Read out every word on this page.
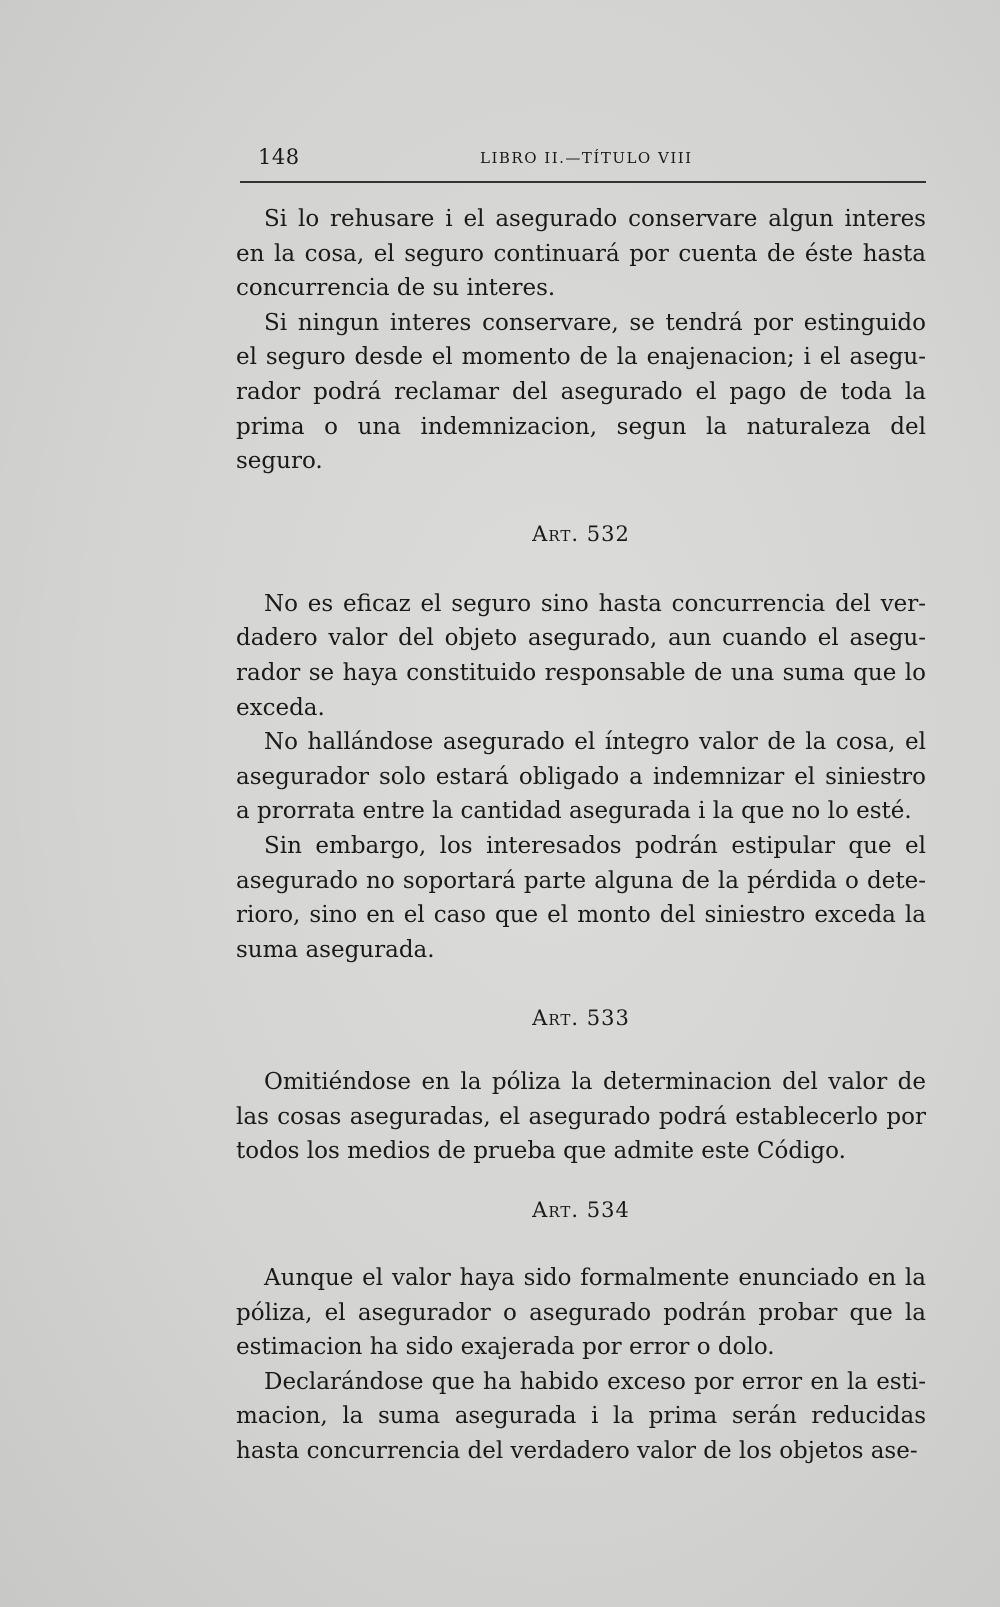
148	LIBRO II.—TÍTULO VIII

Si lo rehusare i el asegurado conservare algun interes en la cosa, el seguro continuará por cuenta de éste hasta concurrencia de su interes.

Si ningun interes conservare, se tendrá por estinguido el seguro desde el momento de la enajenacion; i el asegurador podrá reclamar del asegurado el pago de toda la prima o una indemnizacion, segun la naturaleza del seguro.

Art. 532

No es eficaz el seguro sino hasta concurrencia del verdadero valor del objeto asegurado, aun cuando el asegurador se haya constituido responsable de una suma que lo exceda.

No hallándose asegurado el íntegro valor de la cosa, el asegurador solo estará obligado a indemnizar el siniestro a prorrata entre la cantidad asegurada i la que no lo esté.

Sin embargo, los interesados podrán estipular que el asegurado no soportará parte alguna de la pérdida o deterioro, sino en el caso que el monto del siniestro exceda la suma asegurada.

Art. 533

Omitiéndose en la póliza la determinacion del valor de las cosas aseguradas, el asegurado podrá establecerlo por todos los medios de prueba que admite este Código.

Art. 534

Aunque el valor haya sido formalmente enunciado en la póliza, el asegurador o asegurado podrán probar que la estimacion ha sido exajerada por error o dolo.

Declarándose que ha habido exceso por error en la estimacion, la suma asegurada i la prima serán reducidas hasta concurrencia del verdadero valor de los objetos ase-
